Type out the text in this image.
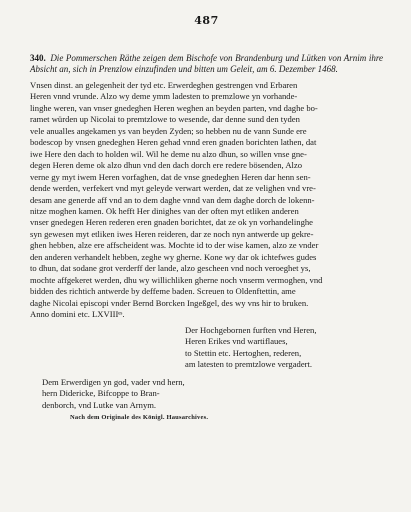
487
340. Die Pommerschen Räthe zeigen dem Bischofe von Brandenburg und Lütken von Arnim ihre Absicht an, sich in Prenzlow einzufinden und bitten um Geleit, am 6. Dezember 1468.
Vnsen dinst. an gelegenheit der tyd etc. Erwerdeghen gestrengen vnd Erbaren
Heren vnnd vrunde. Alzo wy deme ymm ladesten to premzlowe yn vorhande-
linghe weren, van vnser gnedeghen Heren weghen an beyden parten, vnd daghe bo-
ramet würden up Nicolai to premtzlowe to wesende, dar denne sund den tyden
vele anualles angekamen ys van beyden Zyden; so hebben nu de vann Sunde ere
bodescop by vnsen gnedeghen Heren gehad vnnd eren gnaden borichten lathen, dat
iwe Here den dach to holden wil. Wil he deme nu alzo dhun, so willen vnse gne-
degen Heren deme ok alzo dhun vnd den dach dorch ere redere bösenden, Alzo
verne gy myt iwem Heren vorfaghen, dat de vnse gnedeghen Heren dar henn sen-
dende werden, verfekert vnd myt geleyde verwart werden, dat ze velighen vnd vre-
desam ane generde aff vnd an to dem daghe vnnd van dem daghe dorch de lokenn-
nitze moghen kamen. Ok hefft Her dinighes van der often myt etliken anderen
vnser gnedegen Heren rederen eren gnaden borichtet, dat ze ok yn vorhandelinghe
syn gewesen myt etliken iwes Heren reideren, dar ze noch nyn antwerde up gekre-
ghen hebben, alze ere affscheident was. Mochte id to der wise kamen, alzo ze vnder
den anderen verhandelt hebben, zeghe wy gherne. Kone wy dar ok ichtefwes gudes
to dhun, dat sodane grot verderff der lande, alzo gescheen vnd noch veroeghet ys,
mochte affgekeret werden, dhu wy willichliken gherne noch vnserm vermoghen, vnd
bidden des richtich antwerde by deffeme baden. Screuen to Oldenftettin, ame
daghe Nicolai episcopi vnder Bernd Borcken Ingeßgel, des wy vns hir to bruken.
Anno domini etc. LXVIIIᵉˢ.
Der Hochgebornen furften vnd Heren,
Heren Erikes vnd wartiflaues,
to Stettin etc. Hertoghen, rederen,
am latesten to premtzlowe vergadert.
Dem Erwerdigen yn god, vader vnd hern,
hern Didericke, Bifcoppe to Bran-
denborch, vnd Lutke van Arnym.
Nach dem Originale des Königl. Hausarchives.
